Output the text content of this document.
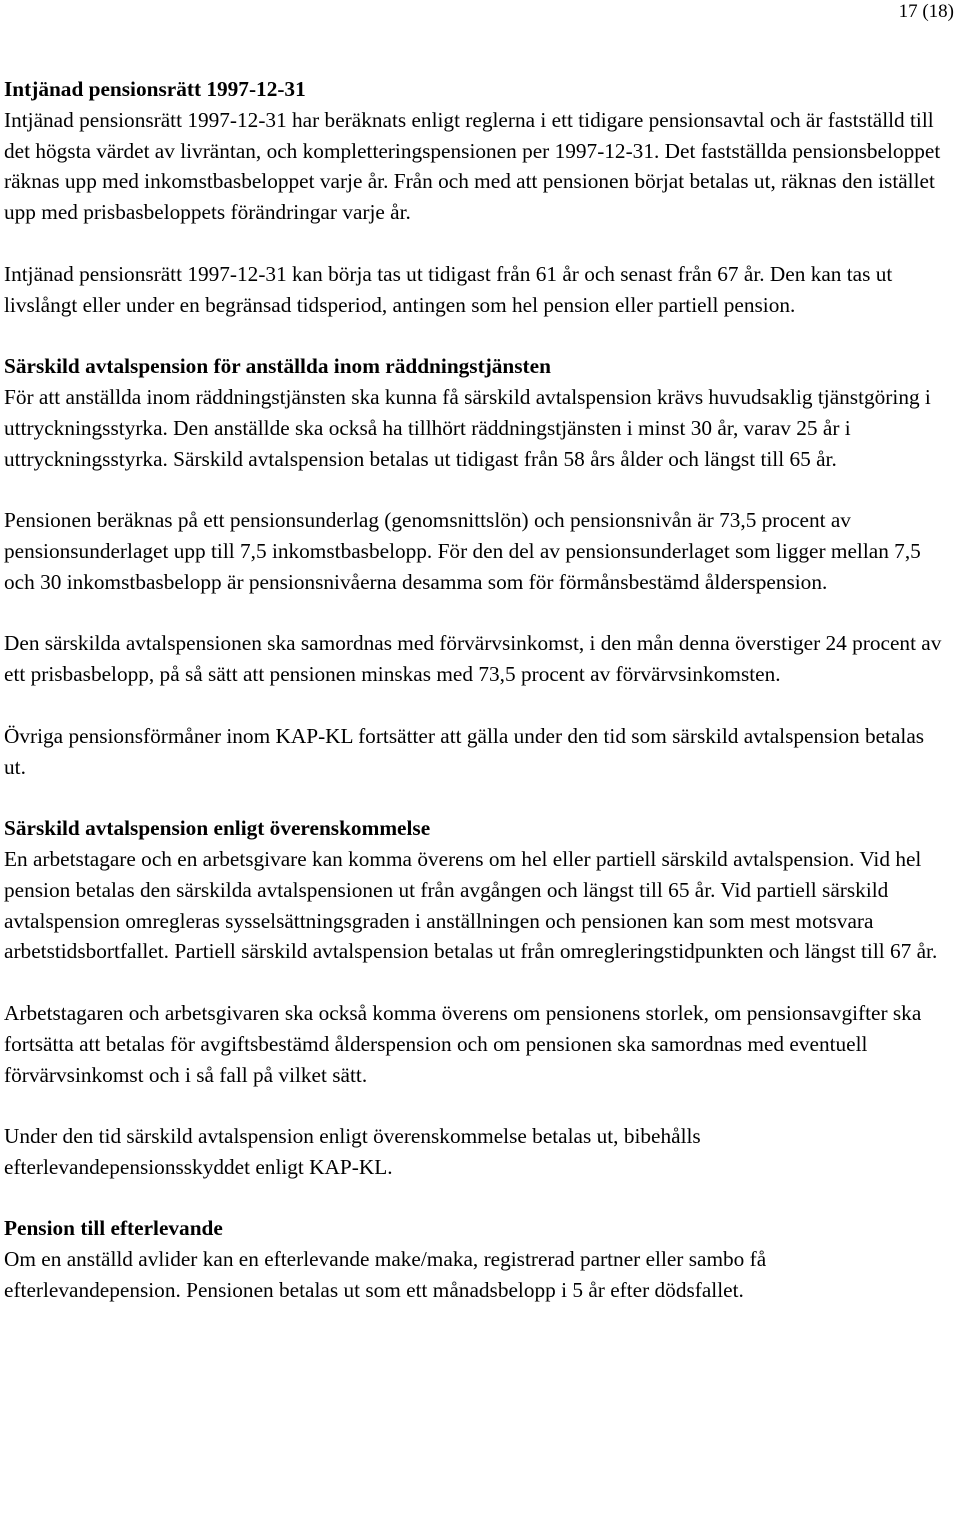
17 (18)
Intjänad pensionsrätt 1997-12-31

Intjänad pensionsrätt 1997-12-31 har beräknats enligt reglerna i ett tidigare pensionsavtal och är fastställd till det högsta värdet av livräntan, och kompletteringspensionen per 1997-12-31. Det fastställda pensionsbeloppet räknas upp med inkomstbasbeloppet varje år. Från och med att pensionen börjat betalas ut, räknas den istället upp med prisbasbeloppets förändringar varje år.

Intjänad pensionsrätt 1997-12-31 kan börja tas ut tidigast från 61 år och senast från 67 år. Den kan tas ut livslångt eller under en begränsad tidsperiod, antingen som hel pension eller partiell pension.

Särskild avtalspension för anställda inom räddningstjänsten

För att anställda inom räddningstjänsten ska kunna få särskild avtalspension krävs huvudsaklig tjänstgöring i uttryckningsstyrka. Den anställde ska också ha tillhört räddningstjänsten i minst 30 år, varav 25 år i uttryckningsstyrka. Särskild avtalspension betalas ut tidigast från 58 års ålder och längst till 65 år.

Pensionen beräknas på ett pensionsunderlag (genomsnittslön) och pensionsnivån är 73,5 procent av pensionsunderlaget upp till 7,5 inkomstbasbelopp. För den del av pensionsunderlaget som ligger mellan 7,5 och 30 inkomstbasbelopp är pensionsnivåerna desamma som för förmånsbestämd ålderspension.

Den särskilda avtalspensionen ska samordnas med förvärvsinkomst, i den mån denna överstiger 24 procent av ett prisbasbelopp, på så sätt att pensionen minskas med 73,5 procent av förvärvsinkomsten.

Övriga pensionsförmåner inom KAP-KL fortsätter att gälla under den tid som särskild avtalspension betalas ut.

Särskild avtalspension enligt överenskommelse

En arbetstagare och en arbetsgivare kan komma överens om hel eller partiell särskild avtalspension. Vid hel pension betalas den särskilda avtalspensionen ut från avgången och längst till 65 år. Vid partiell särskild avtalspension omregleras sysselsättningsgraden i anställningen och pensionen kan som mest motsvara arbetstidsbortfallet. Partiell särskild avtalspension betalas ut från omregleringstidpunkten och längst till 67 år.

Arbetstagaren och arbetsgivaren ska också komma överens om pensionens storlek, om pensionsavgifter ska fortsätta att betalas för avgiftsbestämd ålderspension och om pensionen ska samordnas med eventuell förvärvsinkomst och i så fall på vilket sätt.

Under den tid särskild avtalspension enligt överenskommelse betalas ut, bibehålls efterlevandepensionsskyddet enligt KAP-KL.

Pension till efterlevande

Om en anställd avlider kan en efterlevande make/maka, registrerad partner eller sambo få efterlevandepension. Pensionen betalas ut som ett månadsbelopp i 5 år efter dödsfallet.
